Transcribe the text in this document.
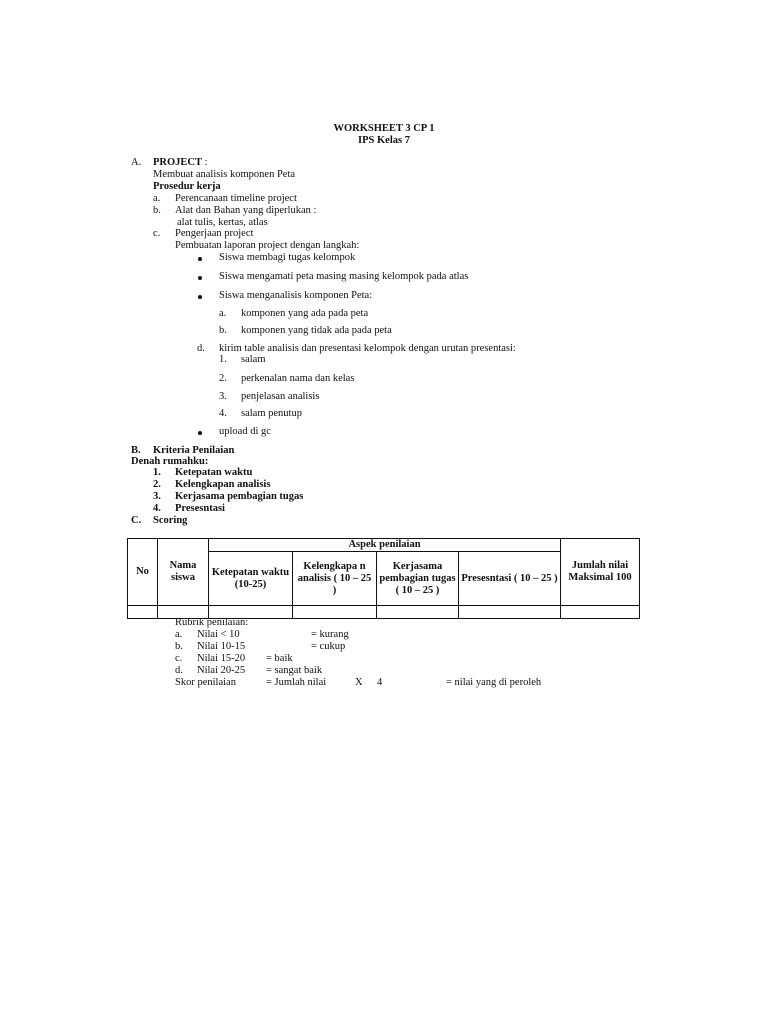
WORKSHEET 3 CP 1
IPS Kelas 7
A. PROJECT :
Membuat analisis komponen Peta
Prosedur kerja
a. Perencanaan timeline project
b. Alat dan Bahan yang diperlukan :
alat tulis, kertas, atlas
c. Pengerjaan project
Pembuatan laporan project dengan langkah:
Siswa membagi tugas kelompok
Siswa mengamati peta masing masing kelompok pada atlas
Siswa menganalisis komponen Peta:
a. komponen yang ada pada peta
b. komponen yang tidak ada pada peta
d. kirim table analisis dan presentasi kelompok dengan urutan presentasi:
1. salam
2. perkenalan nama dan kelas
3. penjelasan analisis
4. salam penutup
upload di gc
B. Kriteria Penilaian
Denah rumahku:
1. Ketepatan waktu
2. Kelengkapan analisis
3. Kerjasama pembagian tugas
4. Presesntasi
C. Scoring
No	Nama siswa	Aspek penilaian				Jumlah nilai Maksimal 100
		Ketepatan waktu (10-25)	Kelengkapa n analisis ( 10 – 25 )	Kerjasama pembagian tugas ( 10 – 25 )	Presesntasi ( 10 – 25 )	

Rubrik penilaian:
a. Nilai < 10	= kurang
b. Nilai 10-15	= cukup
c. Nilai 15-20 = baik
d. Nilai 20-25 = sangat baik
Skor penilaian	= Jumlah nilai	X 4	= nilai yang di peroleh
